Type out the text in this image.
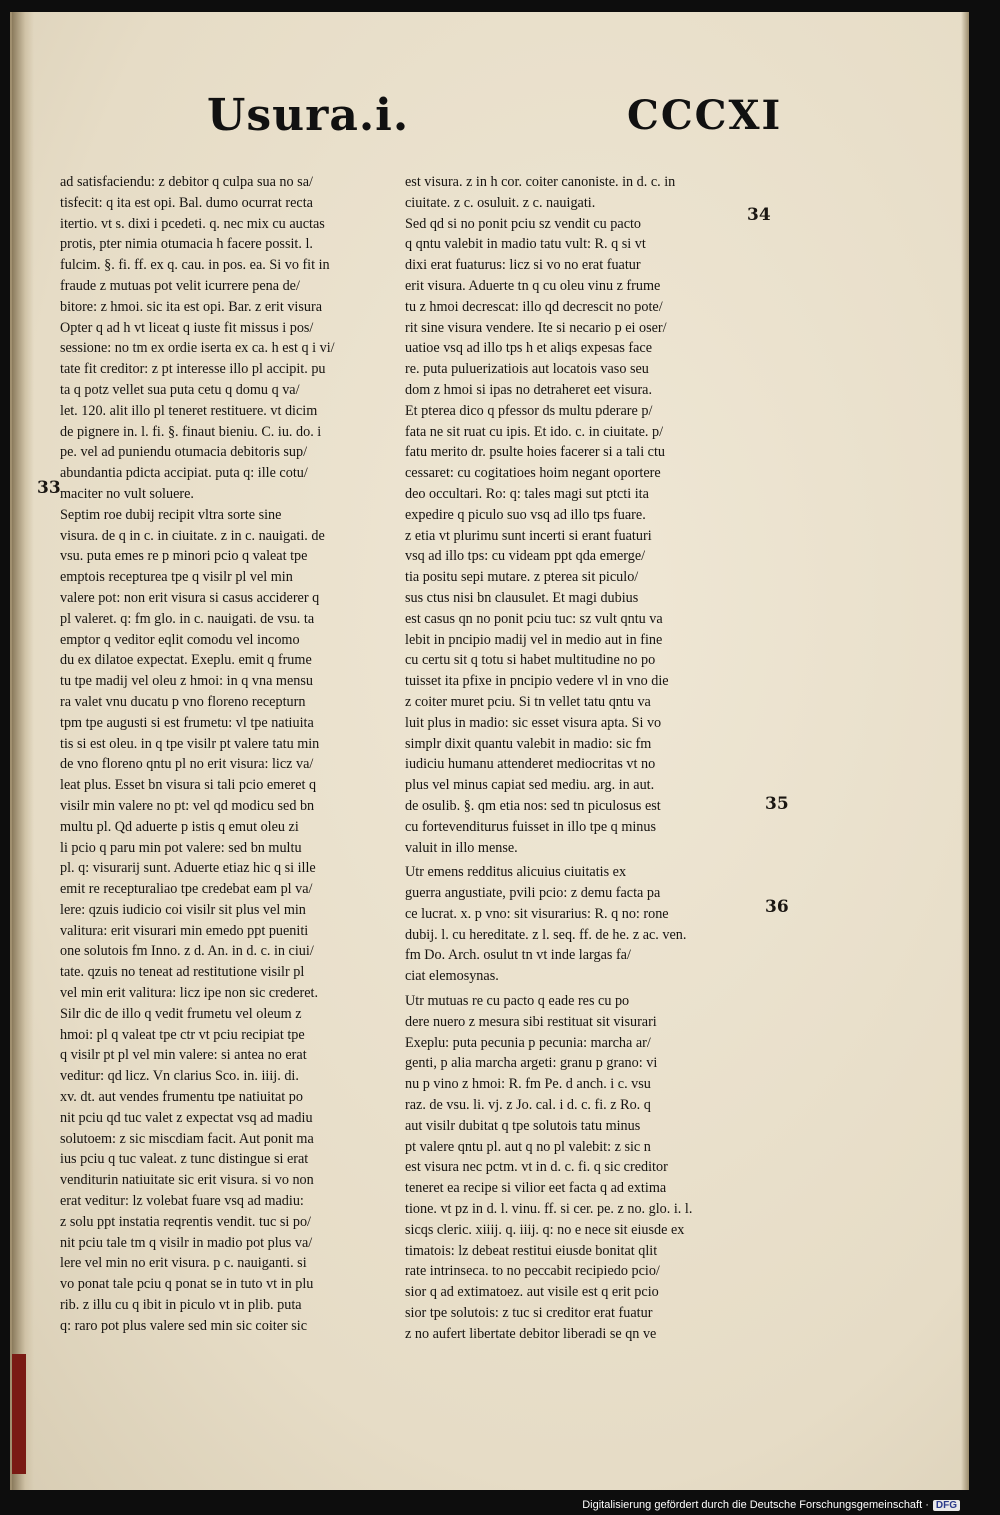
Usura.i.	CCCXI
ad satisfaciendu: z debitor q culpa sua no sa/
tisfecit: q ita est opi. Bal. dumo ocurrat recta
itertio. vt s. dixi i pcedeti. q. nec mix cu auctas
protis, pter nimia otumacia h facere possit. l.
fulcim. §. fi. ff. ex q. cau. in pos. ea. Si vo fit in
fraude z mutuas pot velit icurrere pena de/
bitore: z hmoi. sic ita est opi. Bar. z erit visura
Opter q ad h vt liceat q iuste fit missus i pos/
sessione: no tm ex ordie iserta ex ca. h est q i vi/
tate fit creditor: z pt interesse illo pl accipit. pu
ta q potz vellet sua puta cetu q domu q va/
let. 120. alit illo pl teneret restituere. vt dicim
de pignere in. l. fi. §. finaut bieniu. C. iu. do. i
pe. vel ad puniendu otumacia debitoris sup/
abundantia pdicta accipiat. puta q: ille cotu/
maciter no vult soluere.
Septim roe dubij recipit vltra sorte sine
visura. de q in c. in ciuitate. z in c. nauigati. de
vsu. puta emes re p minori pcio q valeat tpe
emptois recepturea tpe q visilr pl vel min
valere pot: non erit visura si casus acciderer q
pl valeret. q: fm glo. in c. nauigati. de vsu. ta
emptor q veditor eqlit comodu vel incomo
du ex dilatoe expectat. Exeplu. emit q frume
tu tpe madij vel oleu z hmoi: in q vna mensu
ra valet vnu ducatu p vno floreno recepturn
tpm tpe augusti si est frumetu: vl tpe natiuita
tis si est oleu. in q tpe visilr pt valere tatu min
de vno floreno qntu pl no erit visura: licz va/
leat plus. Esset bn visura si tali pcio emeret q
visilr min valere no pt: vel qd modicu sed bn
multu pl. Qd aduerte p istis q emut oleu zi
li pcio q paru min pot valere: sed bn multu
pl. q: visurarij sunt. Aduerte etiaz hic q si ille
emit re recepturaliao tpe credebat eam pl va/
lere: qzuis iudicio coi visilr sit plus vel min
valitura: erit visurari min emedo ppt pueniti
one solutois fm Inno. z d. An. in d. c. in ciui/
tate. qzuis no teneat ad restitutione visilr pl
vel min erit valitura: licz ipe non sic crederet.
Silr dic de illo q vedit frumetu vel oleum z
hmoi: pl q valeat tpe ctr vt pciu recipiat tpe
q visilr pt pl vel min valere: si antea no erat
veditur: qd licz. Vn clarius Sco. in. iiij. di.
xv. dt. aut vendes frumentu tpe natiuitat po
nit pciu qd tuc valet z expectat vsq ad madiu
solutoem: z sic miscdiam facit. Aut ponit ma
ius pciu q tuc valeat. z tunc distingue si erat
venditurin natiuitate sic erit visura. si vo non
erat veditur: lz volebat fuare vsq ad madiu:
z solu ppt instatia reqrentis vendit. tuc si po/
nit pciu tale tm q visilr in madio pot plus va/
lere vel min no erit visura. p c. nauiganti. si
vo ponat tale pciu q ponat se in tuto vt in plu
rib. z illu cu q ibit in piculo vt in plib. puta
q: raro pot plus valere sed min sic coiter sic
est visura. z in h cor. coiter canoniste. in d. c. in
ciuitate. z c. osuluit. z c. nauigati.
Sed qd si no ponit pciu sz vendit cu pacto
q qntu valebit in madio tatu vult: R. q si vt
dixi erat fuaturus: licz si vo no erat fuatur
erit visura. Aduerte tn q cu oleu vinu z frume
tu z hmoi decrescat: illo qd decrescit no pote/
rit sine visura vendere. Ite si necario p ei oser/
uatioe vsq ad illo tps h et aliqs expesas face
re. puta puluerizatiois aut locatois vaso seu
dom z hmoi si ipas no detraheret eet visura.
Et pterea dico q pfessor ds multu pderare p/
fata ne sit ruat cu ipis. Et ido. c. in ciuitate. p/
fatu merito dr. psulte hoies facerer si a tali ctu
cessaret: cu cogitatioes hoim negant oportere
deo occultari. Ro: q: tales magi sut ptcti ita
expedire q piculo suo vsq ad illo tps fuare.
z etia vt plurimu sunt incerti si erant fuaturi
vsq ad illo tps: cu videam ppt qda emerge/
tia positu sepi mutare. z pterea sit piculo/
sus ctus nisi bn clausulet. Et magi dubius
est casus qn no ponit pciu tuc: sz vult qntu va
lebit in pncipio madij vel in medio aut in fine
cu certu sit q totu si habet multitudine no po
tuisset ita pfixe in pncipio vedere vl in vno die
z coiter muret pciu. Si tn vellet tatu qntu va
luit plus in madio: sic esset visura apta. Si vo
simplr dixit quantu valebit in madio: sic fm
iudiciu humanu attenderet mediocritas vt no
plus vel minus capiat sed mediu. arg. in aut.
de osulib. §. qm etia nos: sed tn piculosus est
cu fortevenditurus fuisset in illo tpe q minus
valuit in illo mense.
Utr emens redditus alicuius ciuitatis ex
guerra angustiate, pvili pcio: z demu facta pa
ce lucrat. x. p vno: sit visurarius: R. q no: rone
dubij. l. cu hereditate. z l. seq. ff. de he. z ac. ven.
fm Do. Arch. osulut tn vt inde largas fa/
ciat elemosynas.
Utr mutuas re cu pacto q eade res cu po
dere nuero z mesura sibi restituat sit visurari
Exeplu: puta pecunia p pecunia: marcha ar/
genti, p alia marcha argeti: granu p grano: vi
nu p vino z hmoi: R. fm Pe. d anch. i c. vsu
raz. de vsu. li. vj. z Jo. cal. i d. c. fi. z Ro. q
aut visilr dubitat q tpe solutois tatu minus
pt valere qntu pl. aut q no pl valebit: z sic n
est visura nec pctm. vt in d. c. fi. q sic creditor
teneret ea recipe si vilior eet facta q ad extima
tione. vt pz in d. l. vinu. ff. si cer. pe. z no. glo. i. l.
sicqs cleric. xiiij. q. iiij. q: no e nece sit eiusde ex
timatois: lz debeat restitui eiusde bonitat qlit
rate intrinseca. to no peccabit recipiedo pcio/
sior q ad extimatoez. aut visile est q erit pcio
sior tpe solutois: z tuc si creditor erat fuatur
z no aufert libertate debitor liberadi se qn ve
33
34
35
36
Digitalisierung gefördert durch die Deutsche Forschungsgemeinschaft · DFG
